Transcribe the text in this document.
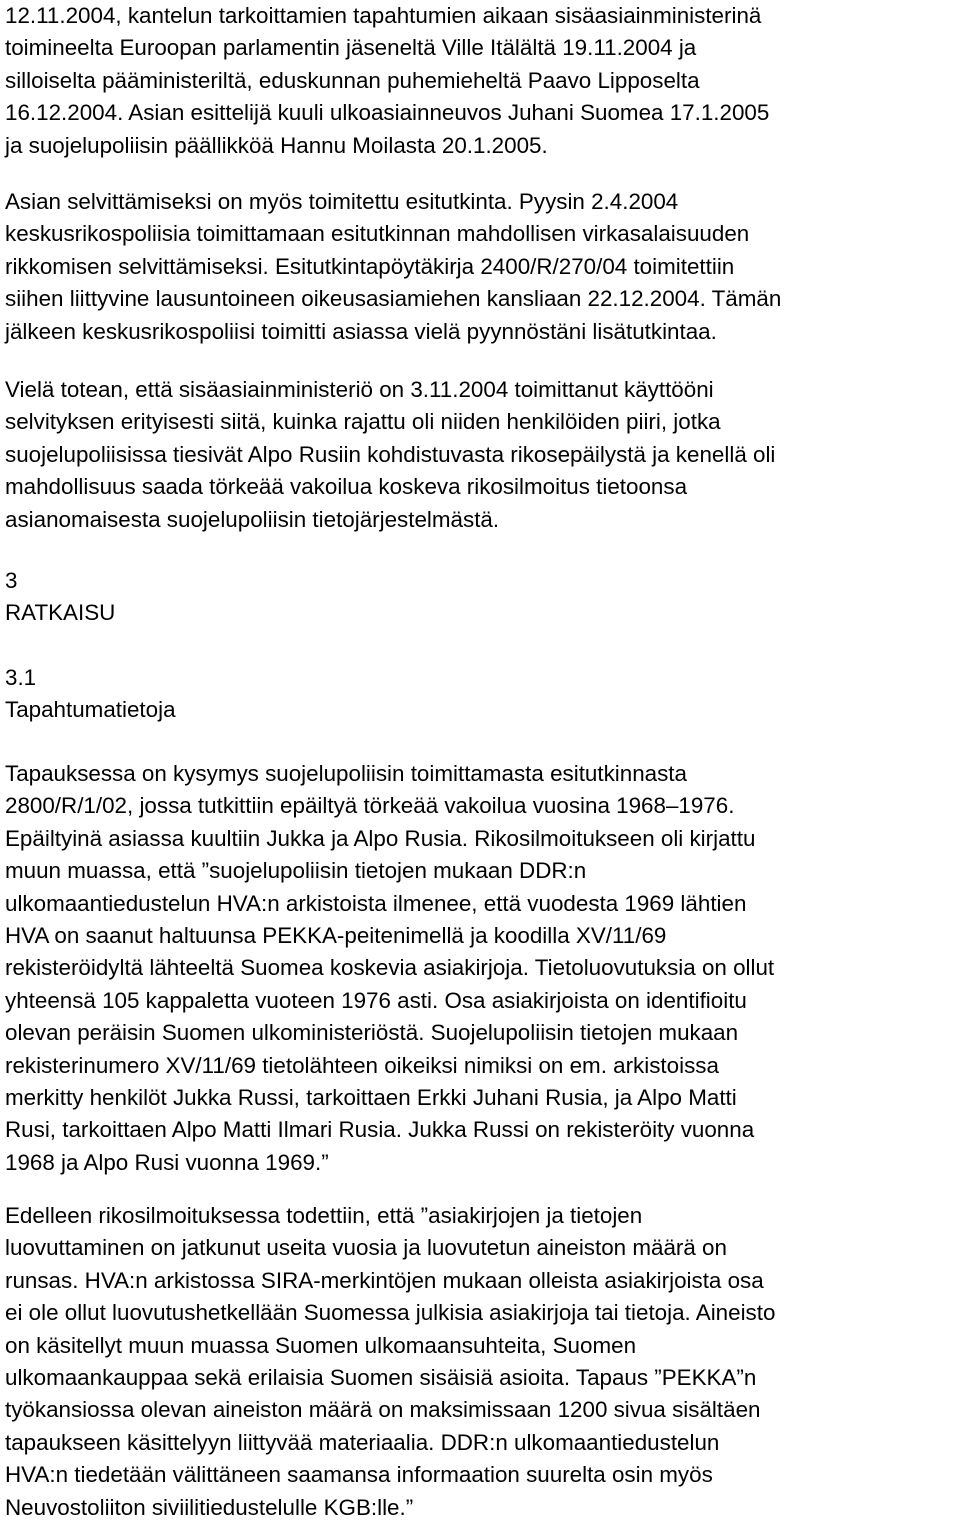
12.11.2004, kantelun tarkoittamien tapahtumien aikaan sisäasiainministerinä
toimineelta Euroopan parlamentin jäseneltä Ville Itälältä 19.11.2004 ja
silloiselta pääministeriltä, eduskunnan puhemieheltä Paavo Lipposelta
16.12.2004. Asian esittelijä kuuli ulkoasiainneuvos Juhani Suomea 17.1.2005
ja suojelupoliisin päällikköä Hannu Moilasta 20.1.2005.
Asian selvittämiseksi on myös toimitettu esitutkinta. Pyysin 2.4.2004
keskusrikospoliisia toimittamaan esitutkinnan mahdollisen virkasalaisuuden
rikkomisen selvittämiseksi. Esitutkintapöytäkirja 2400/R/270/04 toimitettiin
siihen liittyvine lausuntoineen oikeusasiamiehen kansliaan 22.12.2004. Tämän
jälkeen keskusrikospoliisi toimitti asiassa vielä pyynnöstäni lisätutkintaa.
Vielä totean, että sisäasiainministeriö on 3.11.2004 toimittanut käyttööni
selvityksen erityisesti siitä, kuinka rajattu oli niiden henkilöiden piiri, jotka
suojelupoliisissa tiesivät Alpo Rusiin kohdistuvasta rikosepäilystä ja kenellä oli
mahdollisuus saada törkeää vakoilua koskeva rikosilmoitus tietoonsa
asianomaisesta suojelupoliisin tietojärjestelmästä.
3
RATKAISU
3.1
Tapahtumatietoja
Tapauksessa on kysymys suojelupoliisin toimittamasta esitutkinnasta
2800/R/1/02, jossa tutkittiin epäiltyä törkeää vakoilua vuosina 1968–1976.
Epäiltyinä asiassa kuultiin Jukka ja Alpo Rusia. Rikosilmoitukseen oli kirjattu
muun muassa, että ”suojelupoliisin tietojen mukaan DDR:n
ulkomaantiedustelun HVA:n arkistoista ilmenee, että vuodesta 1969 lähtien
HVA on saanut haltuunsa PEKKA-peitenimellä ja koodilla XV/11/69
rekisteröidyltä lähteeltä Suomea koskevia asiakirjoja. Tietoluovutuksia on ollut
yhteensä 105 kappaletta vuoteen 1976 asti. Osa asiakirjoista on identifioitu
olevan peräisin Suomen ulkoministeriöstä. Suojelupoliisin tietojen mukaan
rekisterinumero XV/11/69 tietolähteen oikeiksi nimiksi on em. arkistoissa
merkitty henkilöt Jukka Russi, tarkoittaen Erkki Juhani Rusia, ja Alpo Matti
Rusi, tarkoittaen Alpo Matti Ilmari Rusia. Jukka Russi on rekisteröity vuonna
1968 ja Alpo Rusi vuonna 1969.”
Edelleen rikosilmoituksessa todettiin, että ”asiakirjojen ja tietojen
luovuttaminen on jatkunut useita vuosia ja luovutetun aineiston määrä on
runsas. HVA:n arkistossa SIRA-merkintöjen mukaan olleista asiakirjoista osa
ei ole ollut luovutushetkellään Suomessa julkisia asiakirjoja tai tietoja. Aineisto
on käsitellyt muun muassa Suomen ulkomaansuhteita, Suomen
ulkomaankauppaa sekä erilaisia Suomen sisäisiä asioita. Tapaus ”PEKKA”n
työkansiossa olevan aineiston määrä on maksimissaan 1200 sivua sisältäen
tapaukseen käsittelyyn liittyvää materiaalia. DDR:n ulkomaantiedustelun
HVA:n tiedetään välittäneen saamansa informaation suurelta osin myös
Neuvostoliiton siviilitiedustelulle KGB:lle.”
